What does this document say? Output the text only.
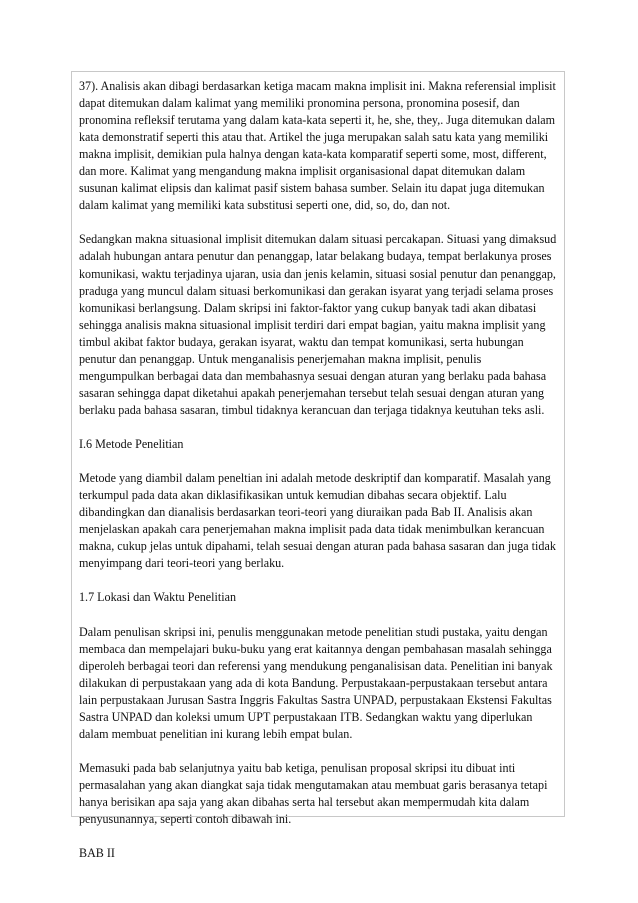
37). Analisis akan dibagi berdasarkan ketiga macam makna implisit ini. Makna referensial implisit dapat ditemukan dalam kalimat yang memiliki pronomina persona, pronomina posesif, dan pronomina refleksif terutama yang dalam kata-kata seperti it, he, she, they,. Juga ditemukan dalam kata demonstratif seperti this atau that. Artikel the juga merupakan salah satu kata yang memiliki makna implisit, demikian pula halnya dengan kata-kata komparatif seperti some, most, different, dan more. Kalimat yang mengandung makna implisit organisasional dapat ditemukan dalam susunan kalimat elipsis dan kalimat pasif sistem bahasa sumber. Selain itu dapat juga ditemukan dalam kalimat yang memiliki kata substitusi seperti one, did, so, do, dan not.

Sedangkan makna situasional implisit ditemukan dalam situasi percakapan. Situasi yang dimaksud adalah hubungan antara penutur dan penanggap, latar belakang budaya, tempat berlakunya proses komunikasi, waktu terjadinya ujaran, usia dan jenis kelamin, situasi sosial penutur dan penanggap, praduga yang muncul dalam situasi berkomunikasi dan gerakan isyarat yang terjadi selama proses komunikasi berlangsung. Dalam skripsi ini faktor-faktor yang cukup banyak tadi akan dibatasi sehingga analisis makna situasional implisit terdiri dari empat bagian, yaitu makna implisit yang timbul akibat faktor budaya, gerakan isyarat, waktu dan tempat komunikasi, serta hubungan penutur dan penanggap. Untuk menganalisis penerjemahan makna implisit, penulis mengumpulkan berbagai data dan membahasnya sesuai dengan aturan yang berlaku pada bahasa sasaran sehingga dapat diketahui apakah penerjemahan tersebut telah sesuai dengan aturan yang berlaku pada bahasa sasaran, timbul tidaknya kerancuan dan terjaga tidaknya keutuhan teks asli.

I.6 Metode Penelitian

Metode yang diambil dalam peneltian ini adalah metode deskriptif dan komparatif. Masalah yang terkumpul pada data akan diklasifikasikan untuk kemudian dibahas secara objektif. Lalu dibandingkan dan dianalisis berdasarkan teori-teori yang diuraikan pada Bab II. Analisis akan menjelaskan apakah cara penerjemahan makna implisit pada data tidak menimbulkan kerancuan makna, cukup jelas untuk dipahami, telah sesuai dengan aturan pada bahasa sasaran dan juga tidak menyimpang dari teori-teori yang berlaku.

1.7 Lokasi dan Waktu Penelitian

Dalam penulisan skripsi ini, penulis menggunakan metode penelitian studi pustaka, yaitu dengan membaca dan mempelajari buku-buku yang erat kaitannya dengan pembahasan masalah sehingga diperoleh berbagai teori dan referensi yang mendukung penganalisisan data. Penelitian ini banyak dilakukan di perpustakaan yang ada di kota Bandung. Perpustakaan-perpustakaan tersebut antara lain perpustakaan Jurusan Sastra Inggris Fakultas Sastra UNPAD, perpustakaan Ekstensi Fakultas Sastra UNPAD dan koleksi umum UPT perpustakaan ITB. Sedangkan waktu yang diperlukan dalam membuat penelitian ini kurang lebih empat bulan.

Memasuki pada bab selanjutnya yaitu bab ketiga, penulisan proposal skripsi itu dibuat inti permasalahan yang akan diangkat saja tidak mengutamakan atau membuat garis berasanya tetapi hanya berisikan apa saja yang akan dibahas serta hal tersebut akan mempermudah kita dalam penyusunannya, seperti contoh dibawah ini.

BAB II
